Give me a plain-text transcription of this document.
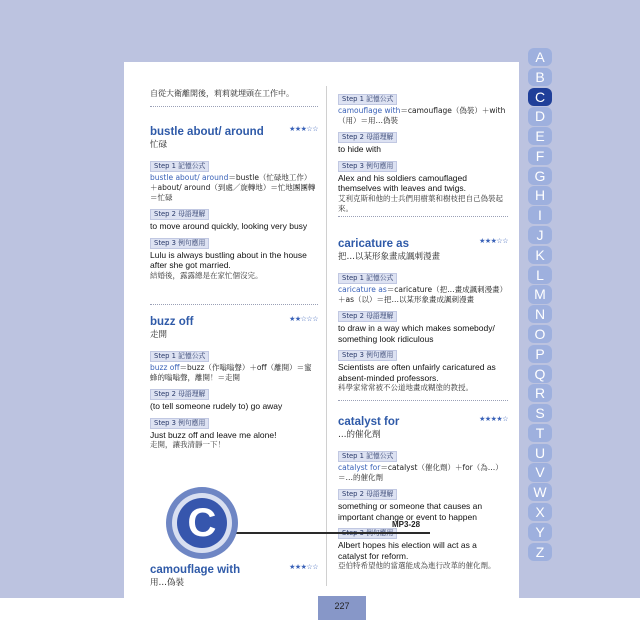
自從大衛離開後，莉莉就埋頭在工作中。
bustle about/ around	★★★☆☆
忙碌
Step 1 記憶公式
bustle about/ around＝bustle（忙碌地工作）＋about/ around（到處／旋轉地）＝忙地團團轉＝忙碌
Step 2 母語理解
to move around quickly, looking very busy
Step 3 例句應用
Lulu is always bustling about in the house after she got married.
結婚後，露露總是在家忙個沒完。
buzz off	★★☆☆☆
走開
Step 1 記憶公式
buzz off＝buzz（作嗡嗡聲）＋off（離開）＝蜜蜂的嗡嗡聲，離開！＝走開
Step 2 母語理解
(to tell someone rudely to) go away
Step 3 例句應用
Just buzz off and leave me alone!
走開，讓我清靜一下！
camouflage with	★★★☆☆
用…偽裝
Step 1 記憶公式
camouflage with＝camouflage（偽裝）＋with（用）＝用…偽裝
Step 2 母語理解
to hide with
Step 3 例句應用
Alex and his soldiers camouflaged themselves with leaves and twigs.
艾利克斯和他的士兵們用樹葉和樹枝把自己偽裝起來。
caricature as	★★★☆☆
把…以某形象畫成諷刺漫畫
Step 1 記憶公式
caricature as＝caricature（把…畫成諷刺漫畫）＋as（以）＝把…以某形象畫成諷刺漫畫
Step 2 母語理解
to draw in a way which makes somebody/ something look ridiculous
Step 3 例句應用
Scientists are often unfairly caricatured as absent-minded professors.
科學家常常被不公道地畫成糊塗的教授。
catalyst for	★★★★☆
…的催化劑
Step 1 記憶公式
catalyst for＝catalyst（催化劑）＋for（為…）＝…的催化劑
Step 2 母語理解
something or someone that causes an important change or event to happen
Albert hopes his election will act as a catalyst for reform.
亞伯特希望他的當選能成為進行改革的催化劑。
C	MP3-28
227
A
B
C
D
E
F
G
H
I
J
K
L
M
N
O
P
Q
R
S
T
U
V
W
X
Y
Z
